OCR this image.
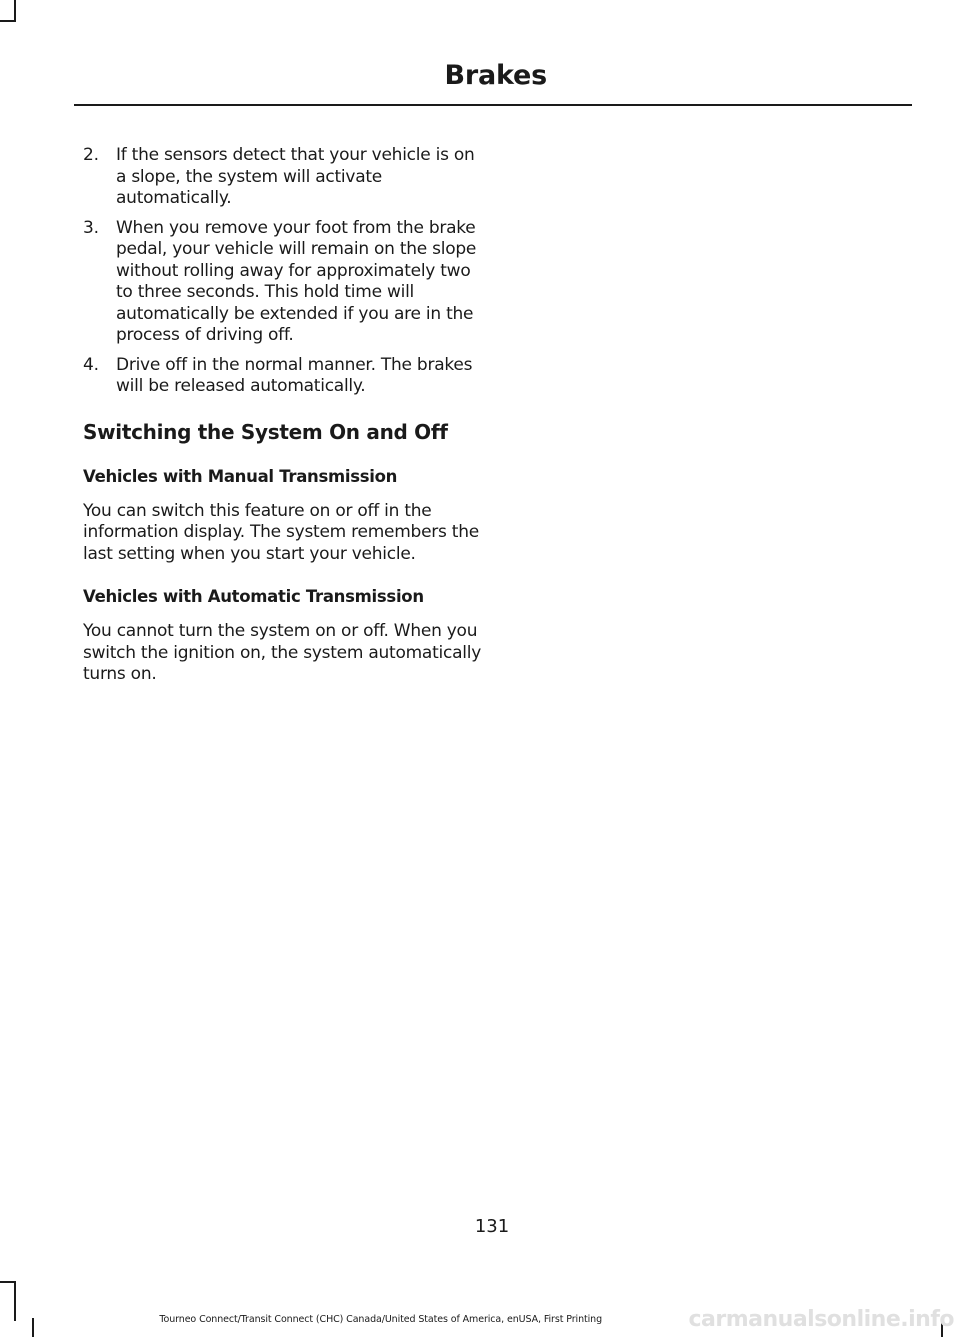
Brakes
2. If the sensors detect that your vehicle is on a slope, the system will activate automatically.
3. When you remove your foot from the brake pedal, your vehicle will remain on the slope without rolling away for approximately two to three seconds. This hold time will automatically be extended if you are in the process of driving off.
4. Drive off in the normal manner. The brakes will be released automatically.
Switching the System On and Off
Vehicles with Manual Transmission

You can switch this feature on or off in the information display. The system remembers the last setting when you start your vehicle.

Vehicles with Automatic Transmission

You cannot turn the system on or off. When you switch the ignition on, the system automatically turns on.

131
Tourneo Connect/Transit Connect (CHC) Canada/United States of America, enUSA, First Printing	carmanualsonline.info
